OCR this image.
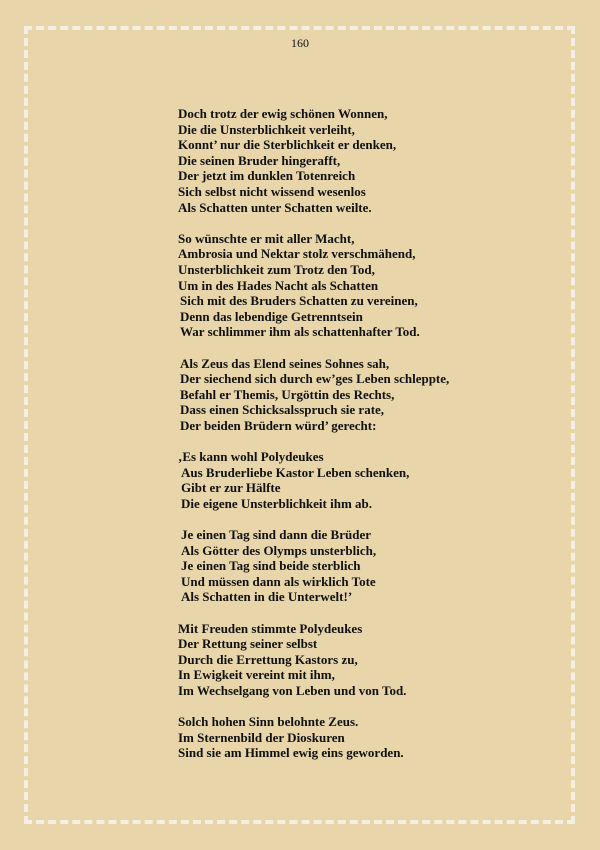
160
Doch trotz der ewig schönen Wonnen,
Die die Unsterblichkeit verleiht,
Konnt’ nur die Sterblichkeit er denken,
Die seinen Bruder hingerafft,
Der jetzt im dunklen Totenreich
Sich selbst nicht wissend wesenlos
Als Schatten unter Schatten weilte.
So wünschte er mit aller Macht,
Ambrosia und Nektar stolz verschmähend,
Unsterblichkeit zum Trotz den Tod,
Um in des Hades Nacht als Schatten
Sich mit des Bruders Schatten zu vereinen,
Denn das lebendige Getrenntsein
War schlimmer ihm als schattenhafter Tod.
Als Zeus das Elend seines Sohnes sah,
Der siechend sich durch ew’ges Leben schleppte,
Befahl er Themis, Urgöttin des Rechts,
Dass einen Schicksalsspruch sie rate,
Der beiden Brüdern würd’ gerecht:
‚Es kann wohl Polydeukes
Aus Bruderliebe Kastor Leben schenken,
Gibt er zur Hälfte
Die eigene Unsterblichkeit ihm ab.
Je einen Tag sind dann die Brüder
Als Götter des Olymps unsterblich,
Je einen Tag sind beide sterblich
Und müssen dann als wirklich Tote
Als Schatten in die Unterwelt!’
Mit Freuden stimmte Polydeukes
Der Rettung seiner selbst
Durch die Errettung Kastors zu,
In Ewigkeit vereint mit ihm,
Im Wechselgang von Leben und von Tod.
Solch hohen Sinn belohnte Zeus.
Im Sternenbild der Dioskuren
Sind sie am Himmel ewig eins geworden.
